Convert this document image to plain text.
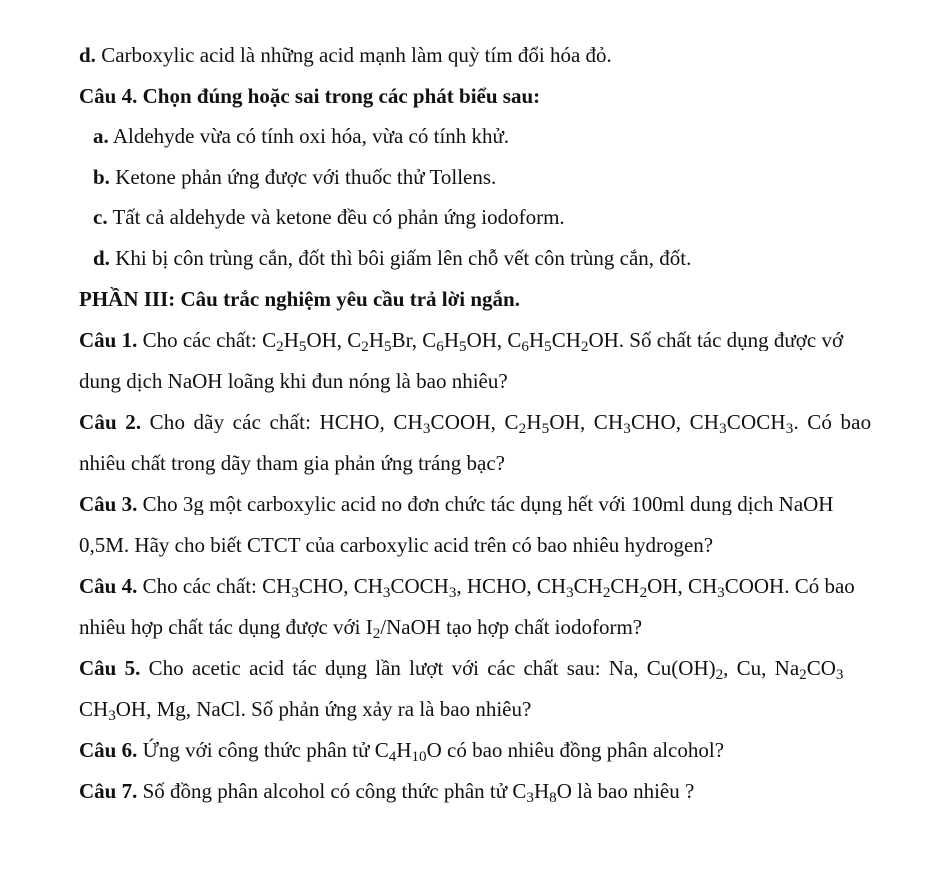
d. Carboxylic acid là những acid mạnh làm quỳ tím đổi hóa đỏ.
Câu 4. Chọn đúng hoặc sai trong các phát biểu sau:
a. Aldehyde vừa có tính oxi hóa, vừa có tính khử.
b. Ketone phản ứng được với thuốc thử Tollens.
c. Tất cả aldehyde và ketone đều có phản ứng iodoform.
d. Khi bị côn trùng cắn, đốt thì bôi giấm lên chỗ vết côn trùng cắn, đốt.
PHẦN III: Câu trắc nghiệm yêu cầu trả lời ngắn.
Câu 1. Cho các chất: $C_2H_5OH$, $C_2H_5Br$, $C_6H_5OH$, $C_6H_5CH_2OH$. Số chất tác dụng được vớ
dung dịch NaOH loãng khi đun nóng là bao nhiêu?
Câu 2. Cho dãy các chất: HCHO, $CH_3COOH$, $C_2H_5OH$, $CH_3CHO$, $CH_3COCH_3$. Có bao
nhiêu chất trong dãy tham gia phản ứng tráng bạc?
Câu 3. Cho 3g một carboxylic acid no đơn chức tác dụng hết với 100ml dung dịch NaOH
0,5M. Hãy cho biết CTCT của carboxylic acid trên có bao nhiêu hydrogen?
Câu 4. Cho các chất: $CH_3CHO$, $CH_3COCH_3$, HCHO, $CH_3CH_2CH_2OH$, $CH_3COOH$. Có bao
nhiêu hợp chất tác dụng được với $I_2$/NaOH tạo hợp chất iodoform?
Câu 5. Cho acetic acid tác dụng lần lượt với các chất sau: Na, $Cu(OH)_2$, Cu, $Na_2CO_3$
$CH_3OH$, Mg, NaCl. Số phản ứng xảy ra là bao nhiêu?
Câu 6. Ứng với công thức phân tử $C_4H_{10}O$ có bao nhiêu đồng phân alcohol?
Câu 7. Số đồng phân alcohol có công thức phân tử $C_3H_8O$ là bao nhiêu ?
